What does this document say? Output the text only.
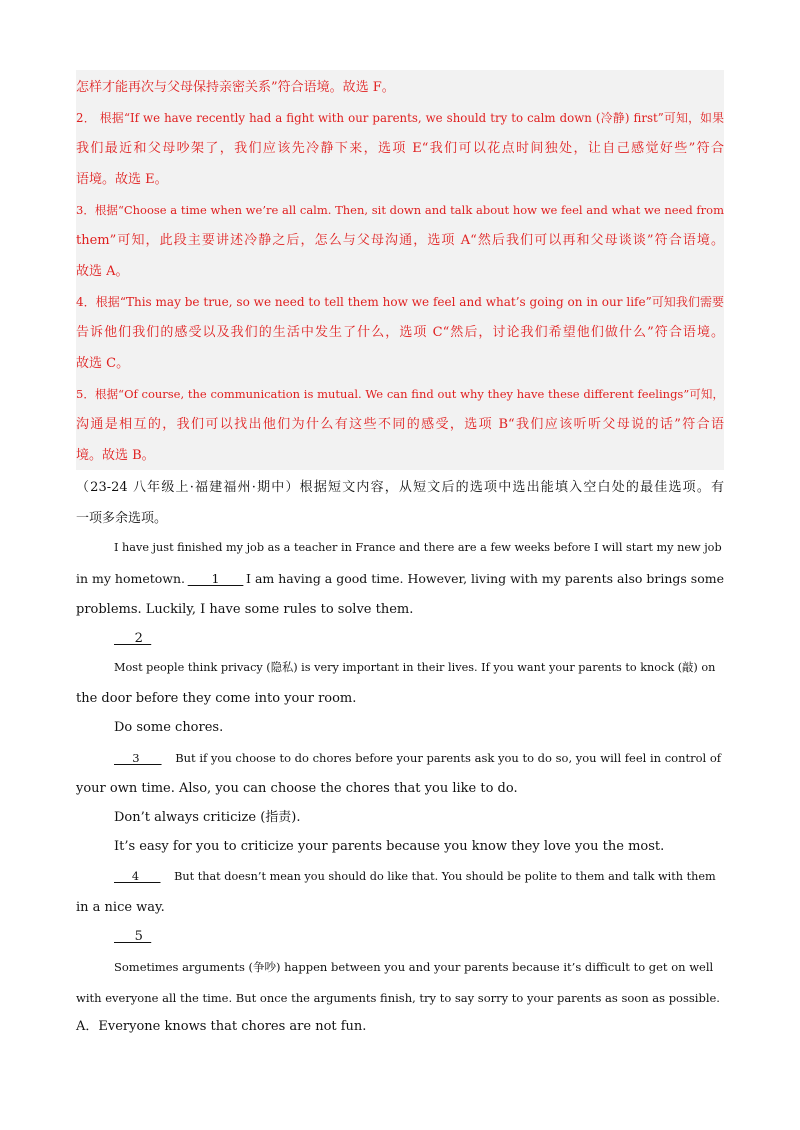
怎样才能再次与父母保持亲密关系”符合语境。故选 F。
2． 根据“If we have recently had a fight with our parents, we should try to calm down (冷静) first”可知，如果
我们最近和父母吵架了，我们应该先冷静下来，选项 E“我们可以花点时间独处，让自己感觉好些”符合
语境。故选 E。
3．根据“Choose a time when we’re all calm. Then, sit down and talk about how we feel and what we need from
them”可知，此段主要讲述冷静之后，怎么与父母沟通，选项 A“然后我们可以再和父母谈谈”符合语境。
故选 A。
4．根据“This may be true, so we need to tell them how we feel and what’s going on in our life”可知我们需要
告诉他们我们的感受以及我们的生活中发生了什么，选项 C“然后，讨论我们希望他们做什么”符合语境。
故选 C。
5．根据“Of course, the communication is mutual. We can find out why they have these different feelings”可知，
沟通是相互的，我们可以找出他们为什么有这些不同的感受，选项 B“我们应该听听父母说的话”符合语
境。故选 B。
（23-24 八年级上·福建福州·期中）根据短文内容，从短文后的选项中选出能填入空白处的最佳选项。有
一项多余选项。
I have just finished my job as a teacher in France and there are a few weeks before I will start my new job
in my hometown. 1 I am having a good time. However, living with my parents also brings some
problems. Luckily, I have some rules to solve them.
2
Most people think privacy (隐私) is very important in their lives. If you want your parents to knock (敲) on
the door before they come into your room.
Do some chores.
3       But if you choose to do chores before your parents ask you to do so, you will feel in control of
your own time. Also, you can choose the chores that you like to do.
Don’t always criticize (指责).
It’s easy for you to criticize your parents because you know they love you the most.
4       But that doesn’t mean you should do like that. You should be polite to them and talk with them
in a nice way.
5
Sometimes arguments (争吵) happen between you and your parents because it’s difficult to get on well
with everyone all the time. But once the arguments finish, try to say sorry to your parents as soon as possible.
A．Everyone knows that chores are not fun.
